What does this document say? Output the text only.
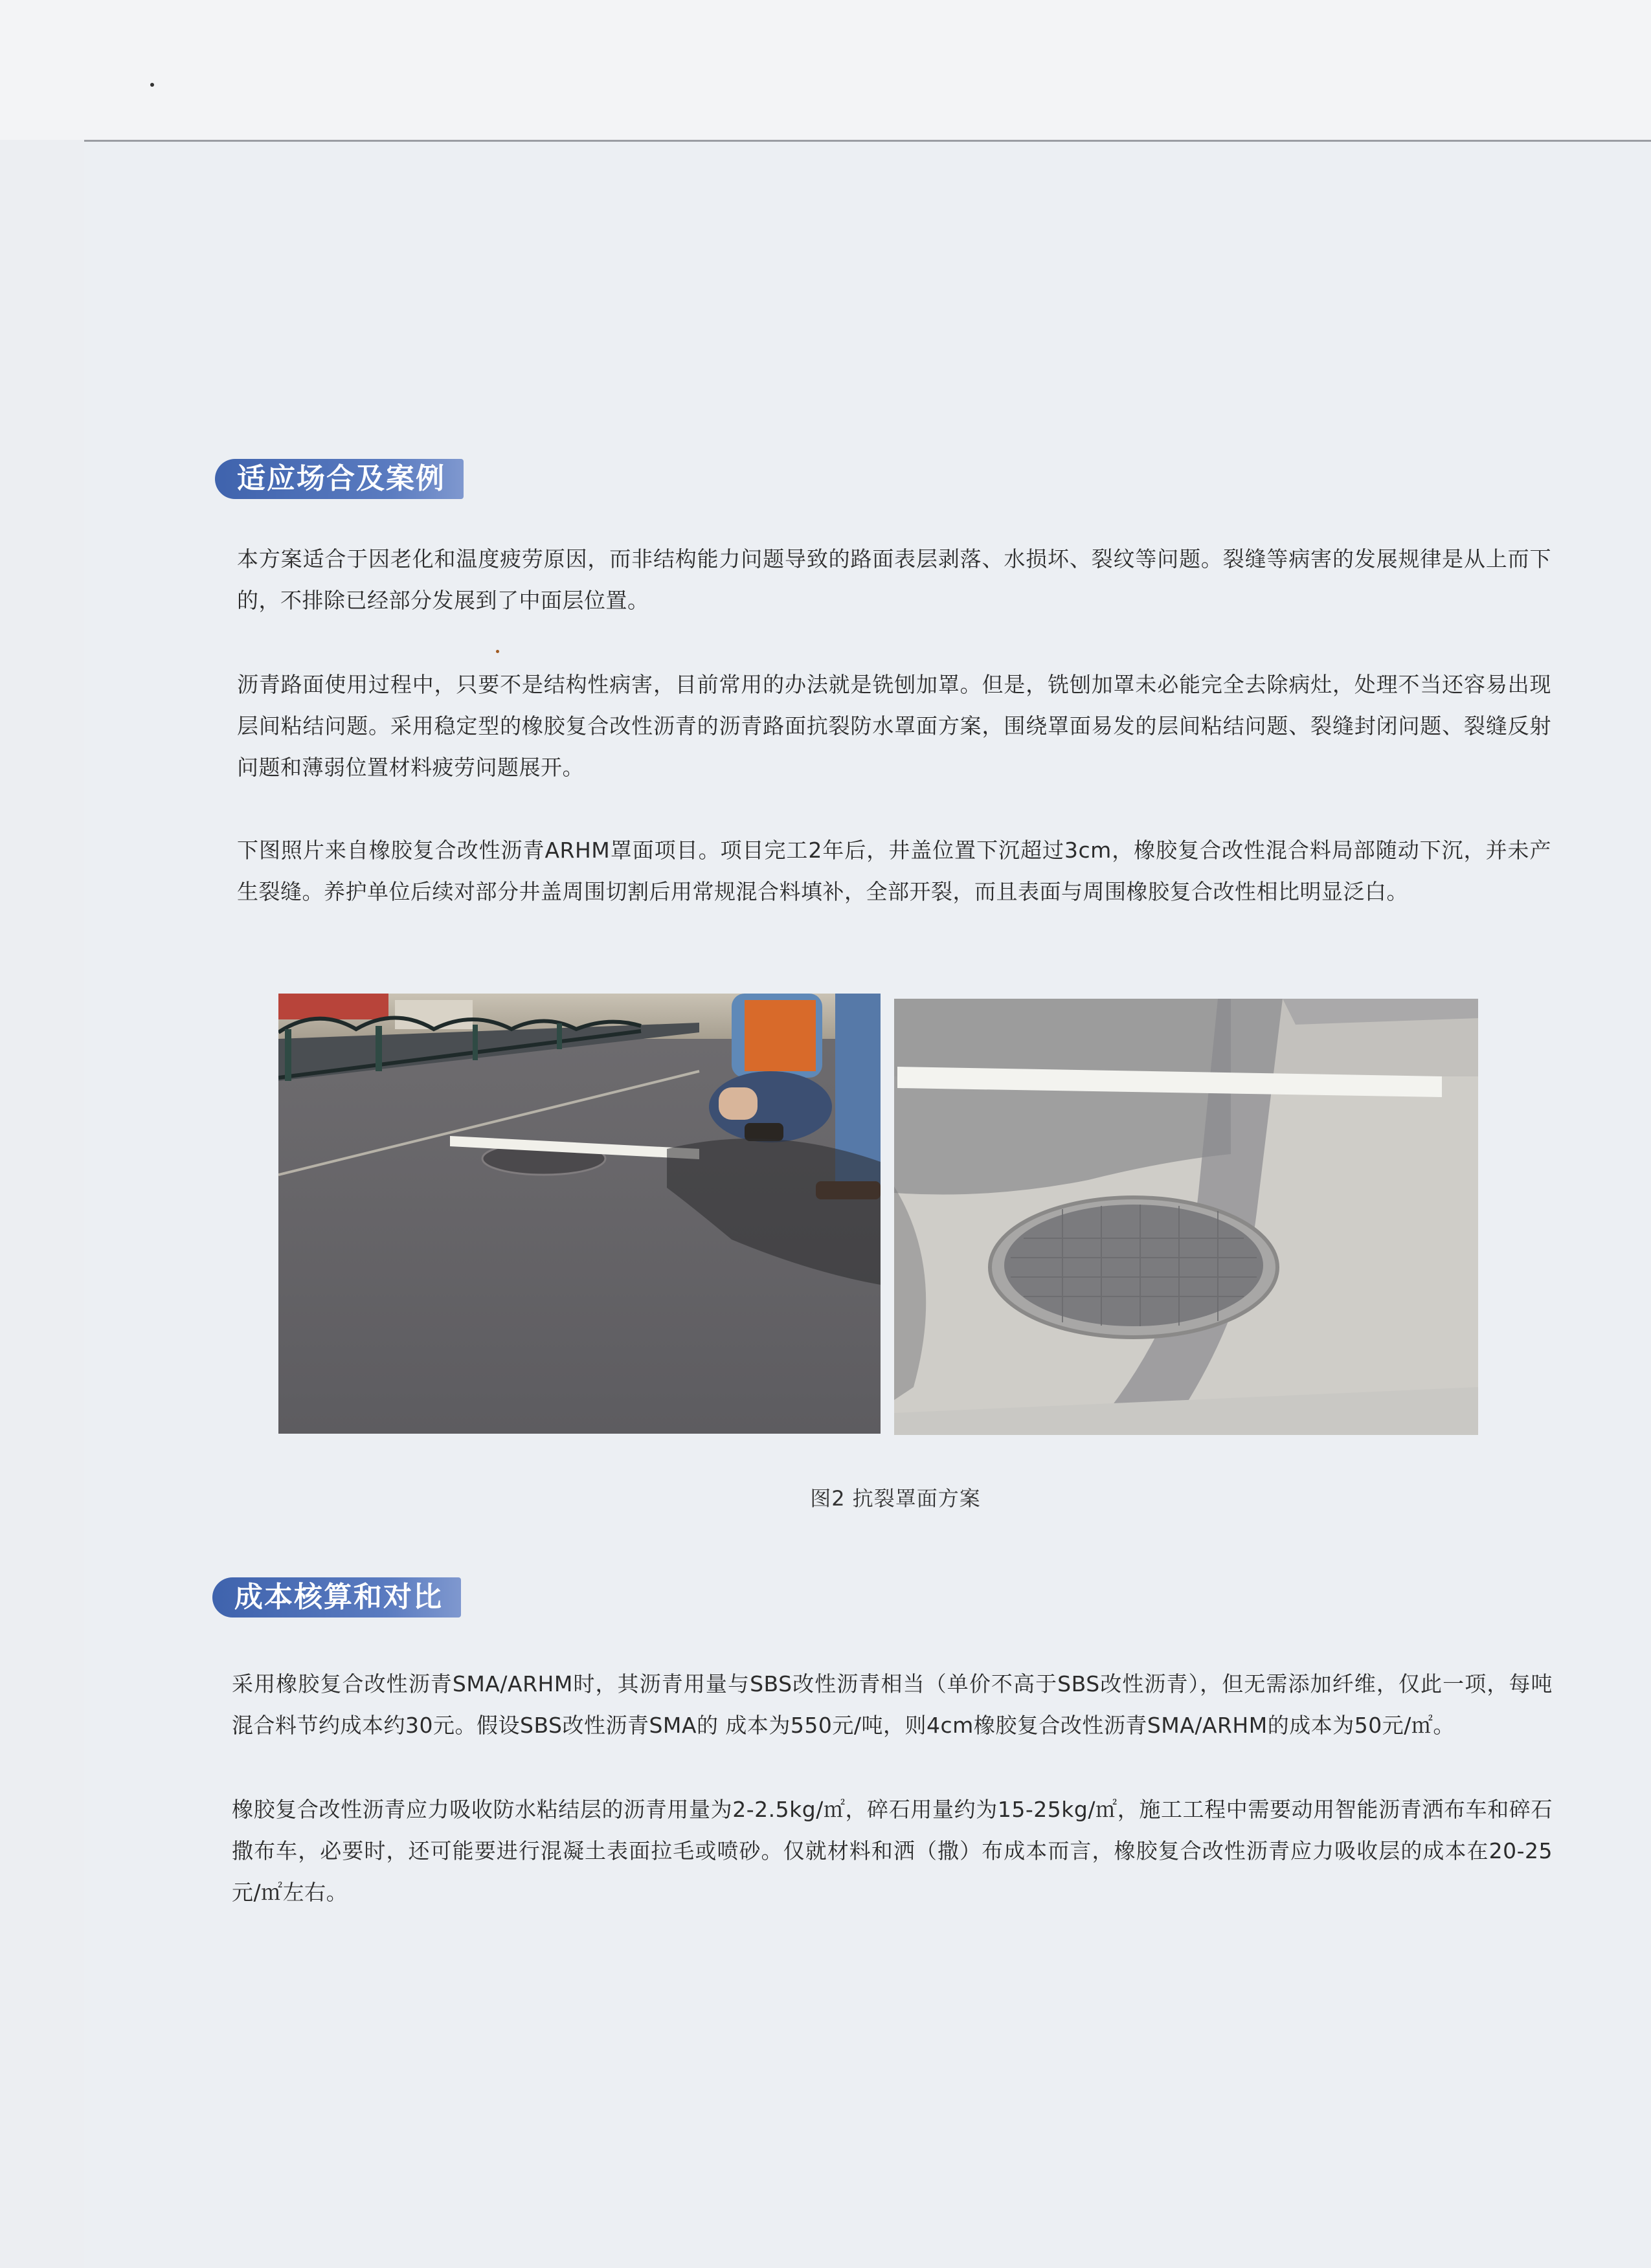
适应场合及案例
本方案适合于因老化和温度疲劳原因，而非结构能力问题导致的路面表层剥落、水损坏、裂纹等问题。裂缝等病害的发展规律是从上而下的，不排除已经部分发展到了中面层位置。
沥青路面使用过程中，只要不是结构性病害，目前常用的办法就是铣刨加罩。但是，铣刨加罩未必能完全去除病灶，处理不当还容易出现层间粘结问题。采用稳定型的橡胶复合改性沥青的沥青路面抗裂防水罩面方案，围绕罩面易发的层间粘结问题、裂缝封闭问题、裂缝反射问题和薄弱位置材料疲劳问题展开。
下图照片来自橡胶复合改性沥青ARHM罩面项目。项目完工2年后，井盖位置下沉超过3cm，橡胶复合改性混合料局部随动下沉，并未产生裂缝。养护单位后续对部分井盖周围切割后用常规混合料填补，全部开裂，而且表面与周围橡胶复合改性相比明显泛白。
图2 抗裂罩面方案
成本核算和对比
采用橡胶复合改性沥青SMA/ARHM时，其沥青用量与SBS改性沥青相当（单价不高于SBS改性沥青），但无需添加纤维，仅此一项，每吨混合料节约成本约30元。假设SBS改性沥青SMA的 成本为550元/吨，则4cm橡胶复合改性沥青SMA/ARHM的成本为50元/㎡。
橡胶复合改性沥青应力吸收防水粘结层的沥青用量为2-2.5kg/㎡，碎石用量约为15-25kg/㎡，施工工程中需要动用智能沥青洒布车和碎石撒布车，必要时，还可能要进行混凝土表面拉毛或喷砂。仅就材料和洒（撒）布成本而言，橡胶复合改性沥青应力吸收层的成本在20-25元/㎡左右。
